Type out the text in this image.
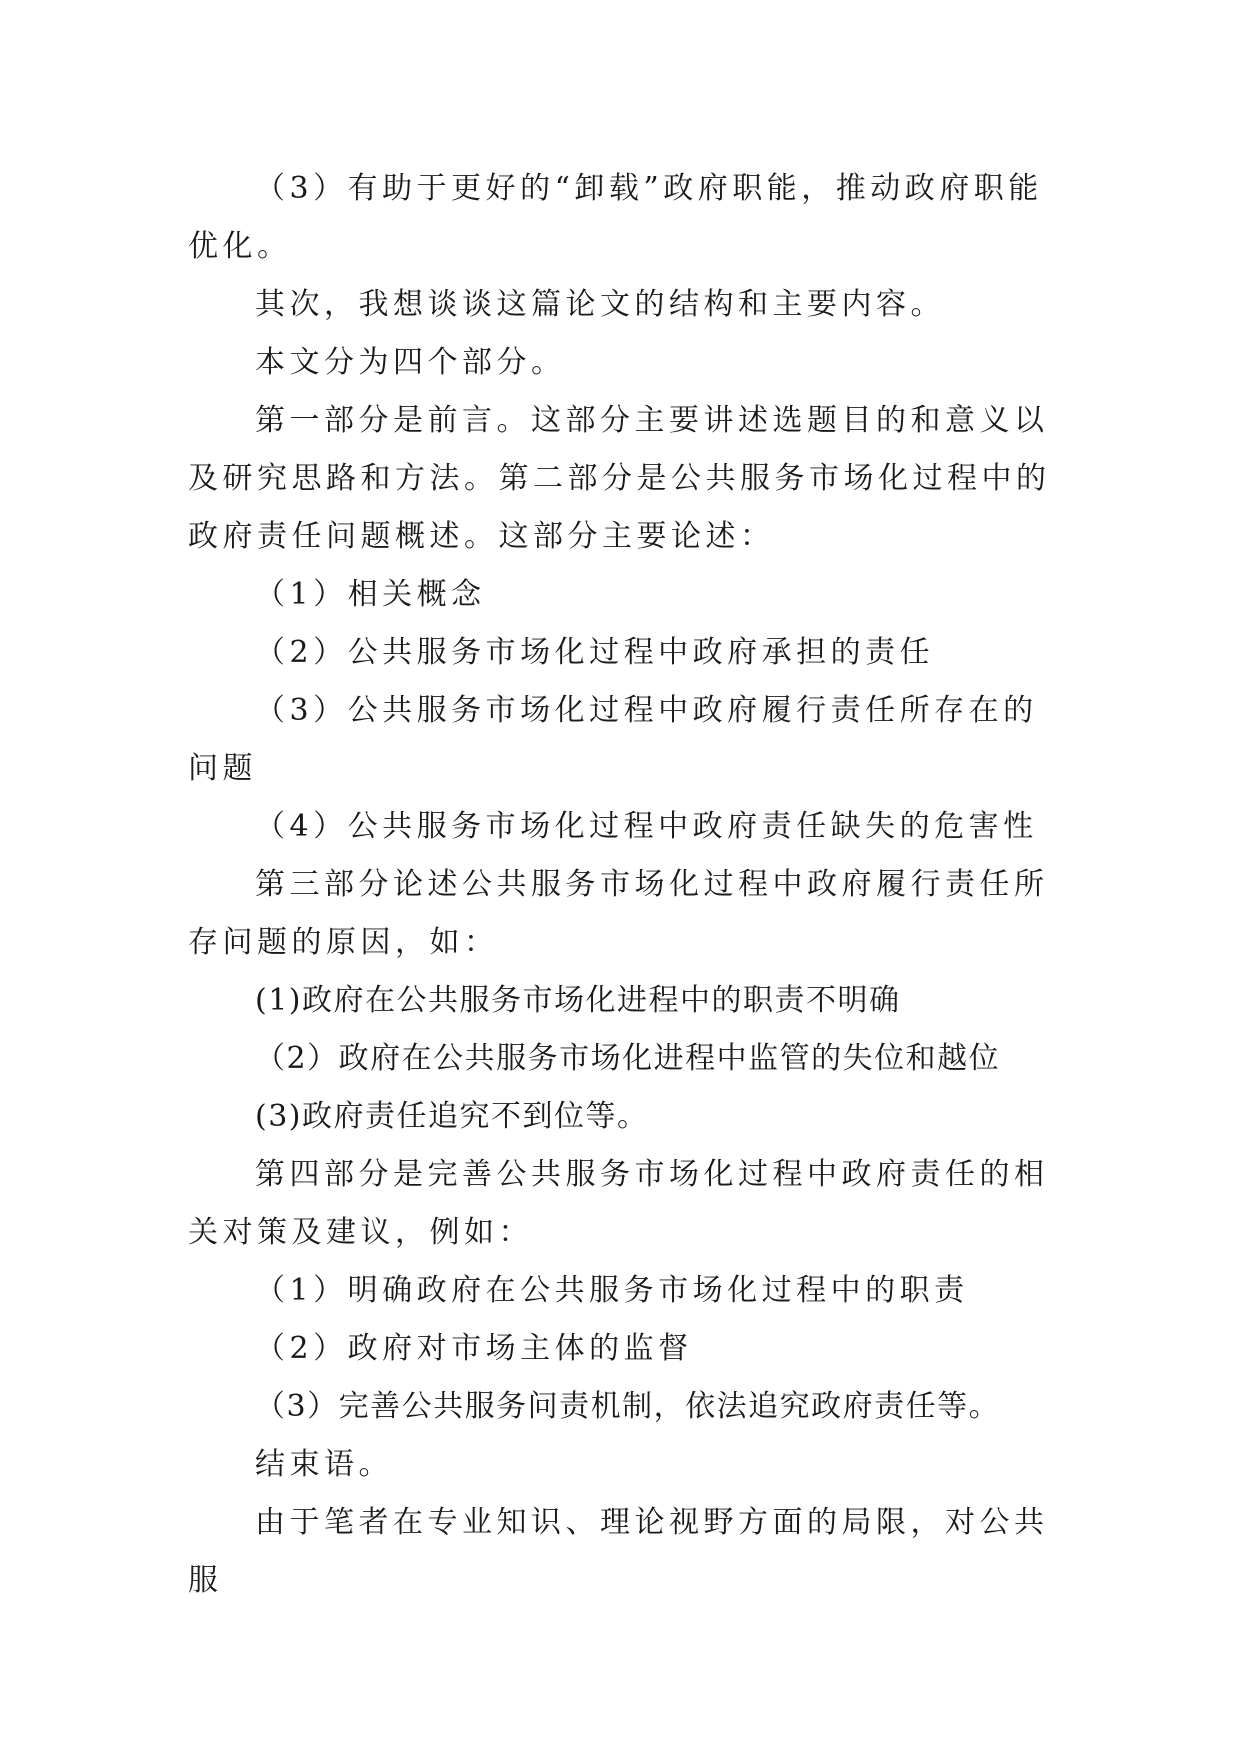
（3）有助于更好的“卸载”政府职能，推动政府职能优化。

其次，我想谈谈这篇论文的结构和主要内容。

本文分为四个部分。

第一部分是前言。这部分主要讲述选题目的和意义以及研究思路和方法。第二部分是公共服务市场化过程中的政府责任问题概述。这部分主要论述：

（1）相关概念

（2）公共服务市场化过程中政府承担的责任

（3）公共服务市场化过程中政府履行责任所存在的问题

（4）公共服务市场化过程中政府责任缺失的危害性

第三部分论述公共服务市场化过程中政府履行责任所存问题的原因，如：

(1)政府在公共服务市场化进程中的职责不明确

（2）政府在公共服务市场化进程中监管的失位和越位

(3)政府责任追究不到位等。

第四部分是完善公共服务市场化过程中政府责任的相关对策及建议，例如：

（1）明确政府在公共服务市场化过程中的职责

（2）政府对市场主体的监督

（3）完善公共服务问责机制，依法追究政府责任等。

结束语。

由于笔者在专业知识、理论视野方面的局限，对公共服
